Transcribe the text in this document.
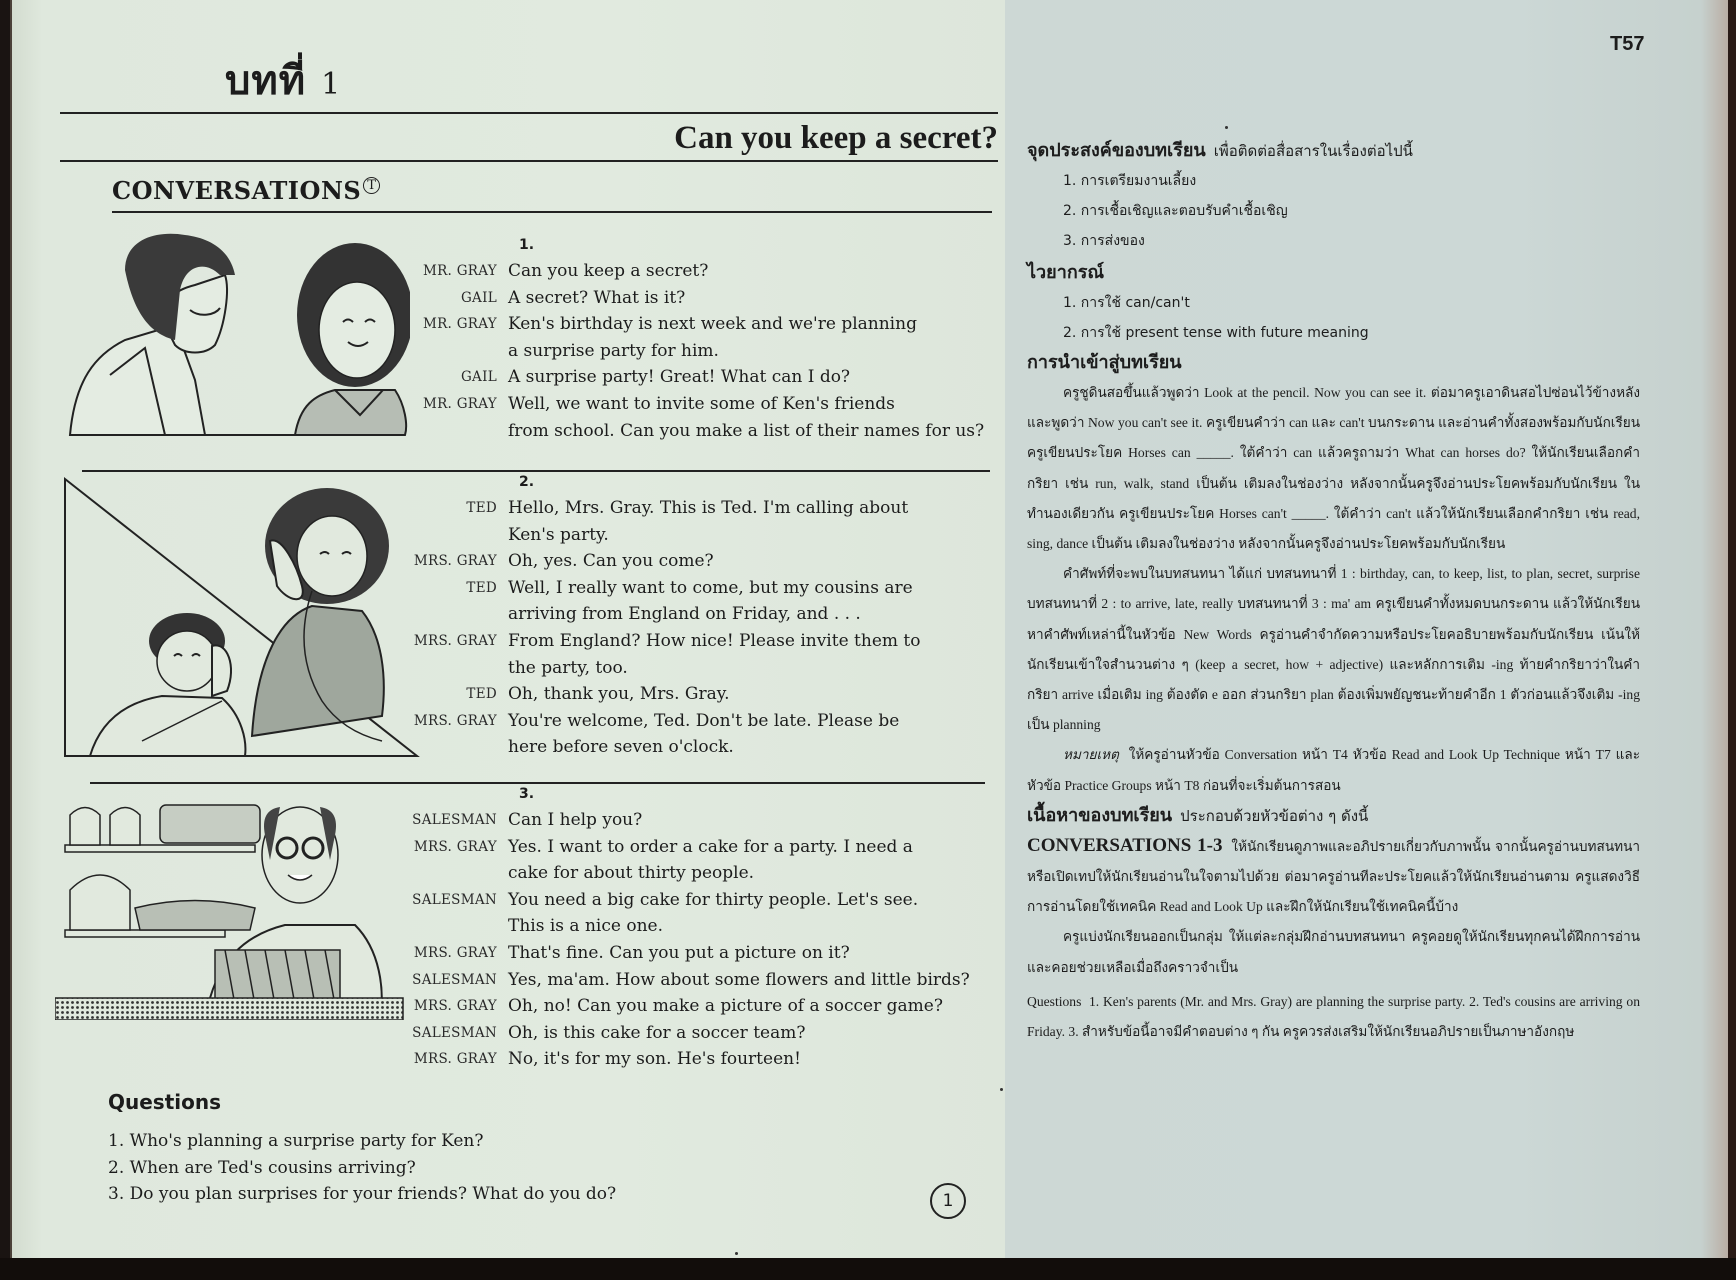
บทที่ 1
Can you keep a secret?
CONVERSATIONS $^T$
1.
MR. GRAY Can you keep a secret?
GAIL A secret? What is it?
MR. GRAY Ken's birthday is next week and we're planning
a surprise party for him.
GAIL A surprise party! Great! What can I do?
MR. GRAY Well, we want to invite some of Ken's friends
from school. Can you make a list of their names for us?
2.
TED Hello, Mrs. Gray. This is Ted. I'm calling about
Ken's party.
MRS. GRAY Oh, yes. Can you come?
TED Well, I really want to come, but my cousins are
arriving from England on Friday, and . . .
MRS. GRAY From England? How nice! Please invite them to
the party, too.
TED Oh, thank you, Mrs. Gray.
MRS. GRAY You're welcome, Ted. Don't be late. Please be
here before seven o'clock.
3.
SALESMAN Can I help you?
MRS. GRAY Yes. I want to order a cake for a party. I need a
cake for about thirty people.
SALESMAN You need a big cake for thirty people. Let's see.
This is a nice one.
MRS. GRAY That's fine. Can you put a picture on it?
SALESMAN Yes, ma'am. How about some flowers and little birds?
MRS. GRAY Oh, no! Can you make a picture of a soccer game?
SALESMAN Oh, is this cake for a soccer team?
MRS. GRAY No, it's for my son. He's fourteen!
Questions
1. Who's planning a surprise party for Ken?
2. When are Ted's cousins arriving?
3. Do you plan surprises for your friends? What do you do?	1
T57
จุดประสงค์ของบทเรียน เพื่อติดต่อสื่อสารในเรื่องต่อไปนี้
1. การเตรียมงานเลี้ยง
2. การเชื้อเชิญและตอบรับคำเชื้อเชิญ
3. การส่งของ
ไวยากรณ์
1. การใช้ can/can't
2. การใช้ present tense with future meaning
การนำเข้าสู่บทเรียน

ครูชูดินสอขึ้นแล้วพูดว่า Look at the pencil. Now you can see it. ต่อมาครูเอาดินสอไปซ่อนไว้ข้างหลัง และพูดว่า Now you can't see it. ครูเขียนคำว่า can และ can't บนกระดาน และอ่านคำทั้งสองพร้อมกับนักเรียน ครูเขียนประโยค Horses can _____. ใต้คำว่า can แล้วครูถามว่า What can horses do? ให้นักเรียนเลือกคำกริยา เช่น run, walk, stand เป็นต้น เติมลงในช่องว่าง หลังจากนั้นครูจึงอ่านประโยคพร้อมกับนักเรียน ในทำนองเดียวกัน ครูเขียนประโยค Horses can't _____. ใต้คำว่า can't แล้วให้นักเรียนเลือกคำกริยา เช่น read, sing, dance เป็นต้น เติมลงในช่องว่าง หลังจากนั้นครูจึงอ่านประโยคพร้อมกับนักเรียน

คำศัพท์ที่จะพบในบทสนทนา ได้แก่ บทสนทนาที่ 1 : birthday, can, to keep, list, to plan, secret, surprise บทสนทนาที่ 2 : to arrive, late, really บทสนทนาที่ 3 : ma' am ครูเขียนคำทั้งหมดบนกระดาน แล้วให้นักเรียนหาคำศัพท์เหล่านี้ในหัวข้อ New Words ครูอ่านคำจำกัดความหรือประโยคอธิบายพร้อมกับนักเรียน เน้นให้นักเรียนเข้าใจสำนวนต่าง ๆ (keep a secret, how + adjective) และหลักการเติม -ing ท้ายคำกริยาว่าในคำกริยา arrive เมื่อเติม ing ต้องตัด e ออก ส่วนกริยา plan ต้องเพิ่มพยัญชนะท้ายคำอีก 1 ตัวก่อนแล้วจึงเติม -ing เป็น planning

หมายเหตุ ให้ครูอ่านหัวข้อ Conversation หน้า T4 หัวข้อ Read and Look Up Technique หน้า T7 และหัวข้อ Practice Groups หน้า T8 ก่อนที่จะเริ่มต้นการสอน

เนื้อหาของบทเรียน ประกอบด้วยหัวข้อต่าง ๆ ดังนี้

CONVERSATIONS 1-3 ให้นักเรียนดูภาพและอภิปรายเกี่ยวกับภาพนั้น จากนั้นครูอ่านบทสนทนาหรือเปิดเทปให้นักเรียนอ่านในใจตามไปด้วย ต่อมาครูอ่านทีละประโยคแล้วให้นักเรียนอ่านตาม ครูแสดงวิธีการอ่านโดยใช้เทคนิค Read and Look Up และฝึกให้นักเรียนใช้เทคนิคนี้บ้าง

ครูแบ่งนักเรียนออกเป็นกลุ่ม ให้แต่ละกลุ่มฝึกอ่านบทสนทนา ครูคอยดูให้นักเรียนทุกคนได้ฝึกการอ่าน และคอยช่วยเหลือเมื่อถึงคราวจำเป็น

Questions 1. Ken's parents (Mr. and Mrs. Gray) are planning the surprise party. 2. Ted's cousins are arriving on Friday. 3. สำหรับข้อนี้อาจมีคำตอบต่าง ๆ กัน ครูควรส่งเสริมให้นักเรียนอภิปรายเป็นภาษาอังกฤษ
